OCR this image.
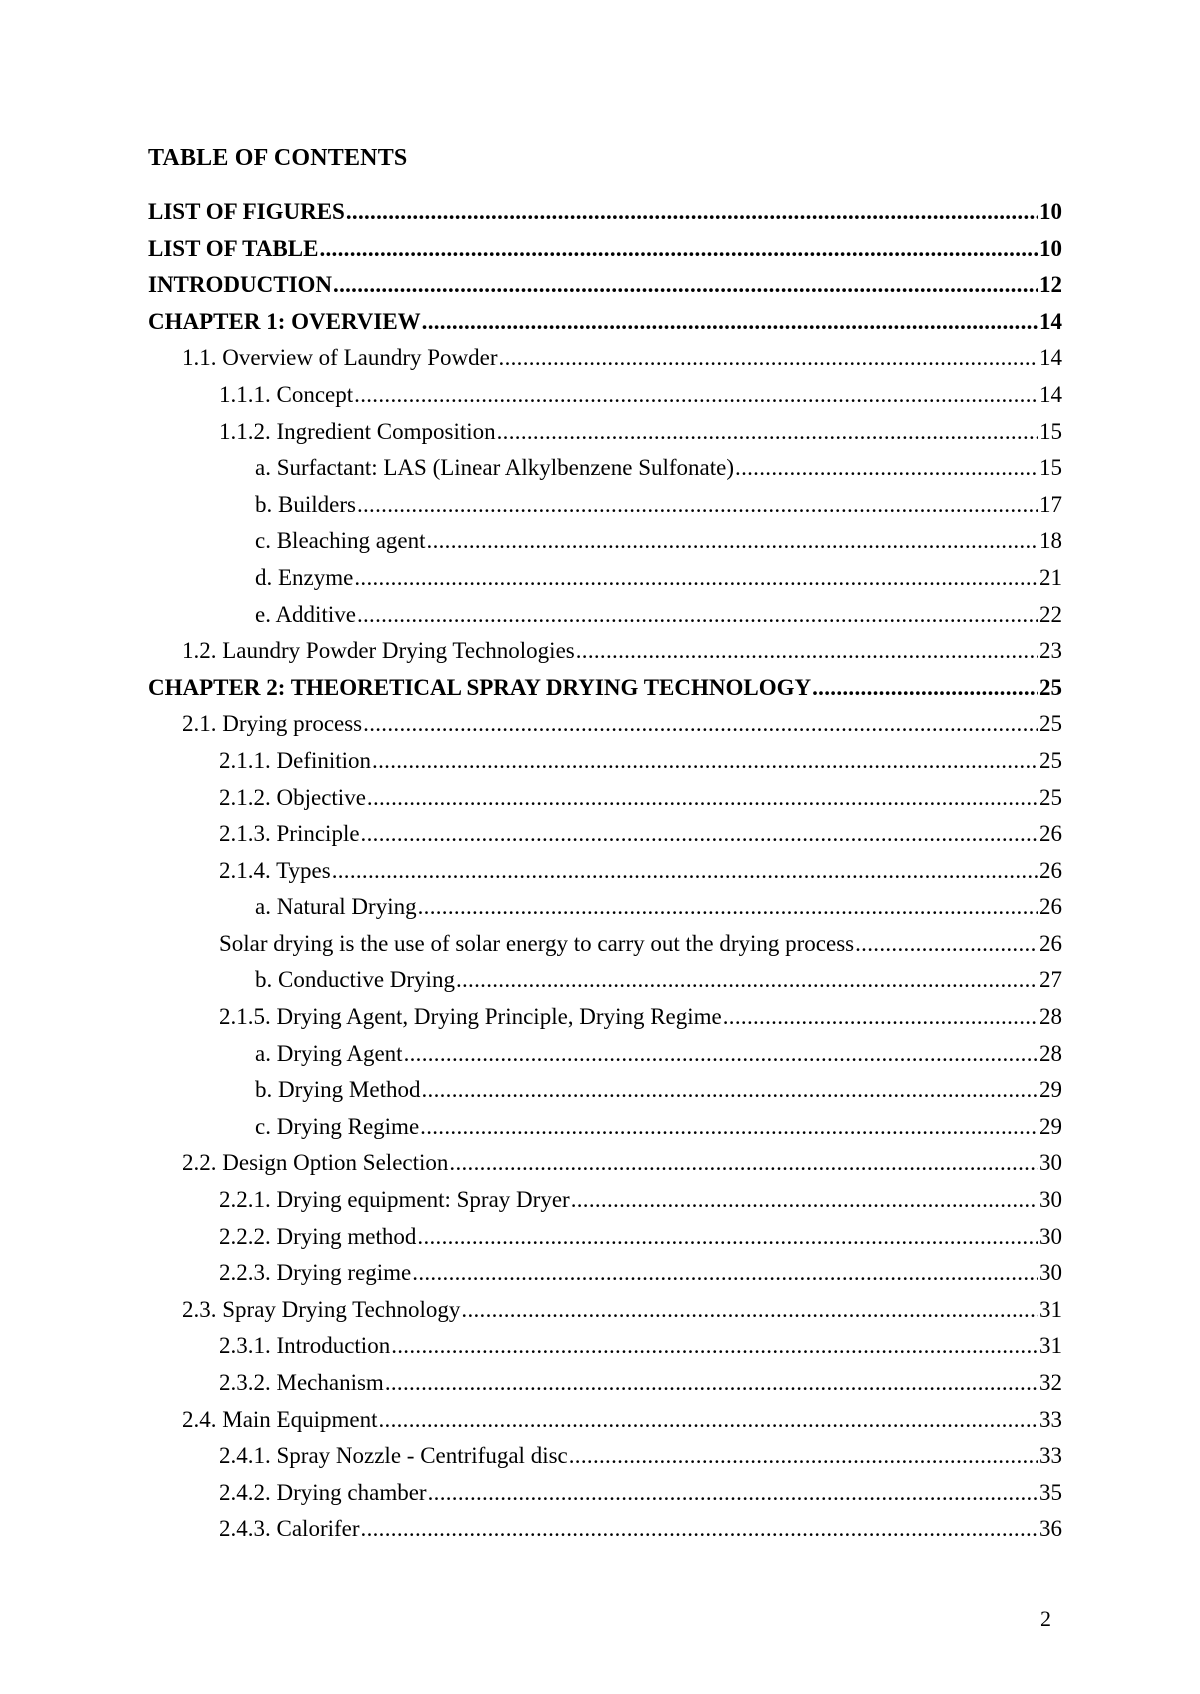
TABLE OF CONTENTS
LIST OF FIGURES .....	10
LIST OF TABLE .....	10
INTRODUCTION .....	12
CHAPTER 1: OVERVIEW .....	14
1.1. Overview of Laundry Powder .....	14
1.1.1. Concept .....	14
1.1.2. Ingredient Composition .....	15
a. Surfactant: LAS (Linear Alkylbenzene Sulfonate) .....	15
b. Builders .....	17
c. Bleaching agent .....	18
d. Enzyme .....	21
e. Additive .....	22
1.2. Laundry Powder Drying Technologies .....	23
CHAPTER 2: THEORETICAL SPRAY DRYING TECHNOLOGY .....	25
2.1. Drying process .....	25
2.1.1. Definition .....	25
2.1.2. Objective .....	25
2.1.3. Principle .....	26
2.1.4. Types .....	26
a. Natural Drying .....	26
Solar drying is the use of solar energy to carry out the drying process .....	26
b. Conductive Drying .....	27
2.1.5. Drying Agent, Drying Principle, Drying Regime .....	28
a. Drying Agent .....	28
b. Drying Method .....	29
c. Drying Regime .....	29
2.2. Design Option Selection .....	30
2.2.1. Drying equipment: Spray Dryer .....	30
2.2.2. Drying method .....	30
2.2.3. Drying regime .....	30
2.3. Spray Drying Technology .....	31
2.3.1. Introduction .....	31
2.3.2. Mechanism .....	32
2.4. Main Equipment .....	33
2.4.1. Spray Nozzle - Centrifugal disc .....	33
2.4.2. Drying chamber .....	35
2.4.3. Calorifer .....	36
2
